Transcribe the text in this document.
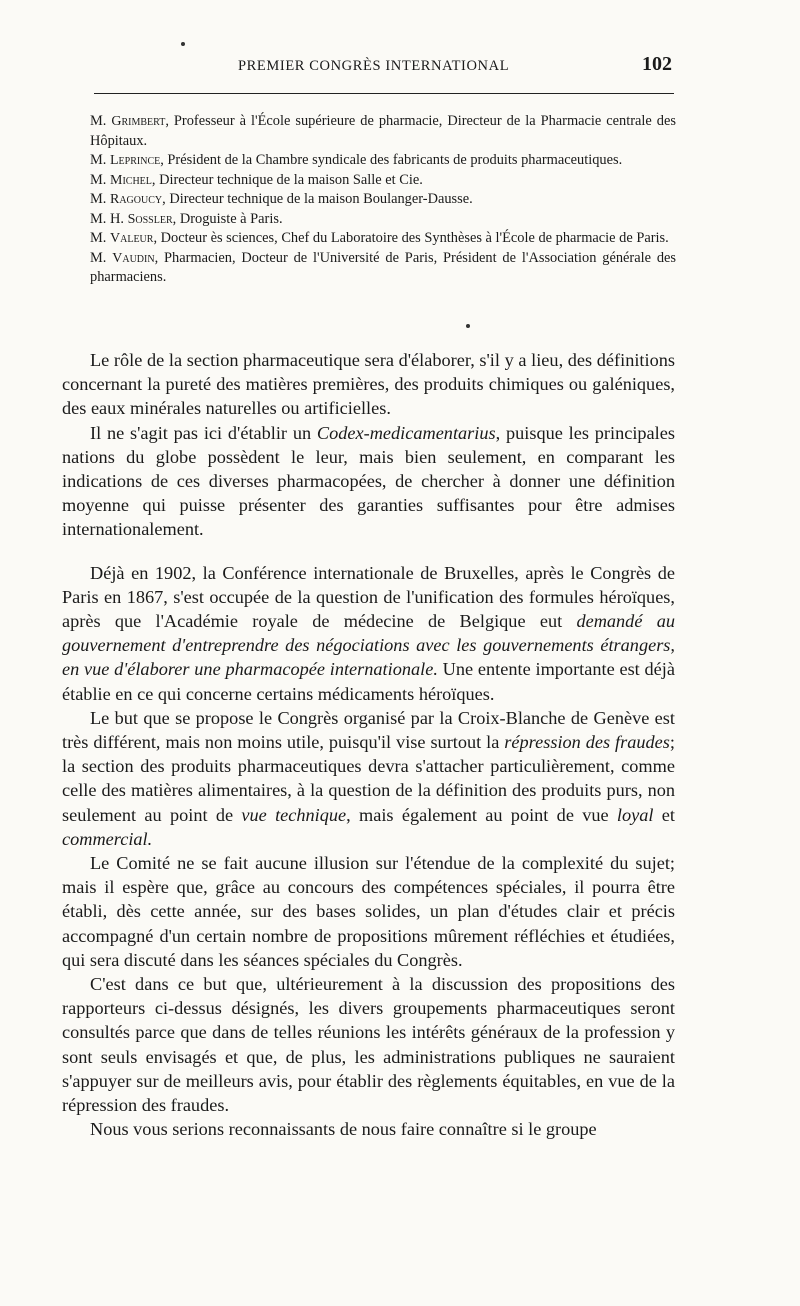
PREMIER CONGRÈS INTERNATIONAL	102

M. Grimbert, Professeur à l'École supérieure de pharmacie, Directeur de la Pharmacie centrale des Hôpitaux.

M. Leprince, Président de la Chambre syndicale des fabricants de produits pharmaceutiques.

M. Michel, Directeur technique de la maison Salle et Cie.

M. Ragoucy, Directeur technique de la maison Boulanger-Dausse.

M. H. Sossler, Droguiste à Paris.

M. Valeur, Docteur ès sciences, Chef du Laboratoire des Synthèses à l'École de pharmacie de Paris.

M. Vaudin, Pharmacien, Docteur de l'Université de Paris, Président de l'Association générale des pharmaciens.

Le rôle de la section pharmaceutique sera d'élaborer, s'il y a lieu, des définitions concernant la pureté des matières premières, des produits chimiques ou galéniques, des eaux minérales naturelles ou artificielles.

Il ne s'agit pas ici d'établir un Codex-medicamentarius, puisque les principales nations du globe possèdent le leur, mais bien seulement, en comparant les indications de ces diverses pharmacopées, de chercher à donner une définition moyenne qui puisse présenter des garanties suffisantes pour être admises internationalement.

Déjà en 1902, la Conférence internationale de Bruxelles, après le Congrès de Paris en 1867, s'est occupée de la question de l'unification des formules héroïques, après que l'Académie royale de médecine de Belgique eut demandé au gouvernement d'entreprendre des négociations avec les gouvernements étrangers, en vue d'élaborer une pharmacopée internationale. Une entente importante est déjà établie en ce qui concerne certains médicaments héroïques.

Le but que se propose le Congrès organisé par la Croix-Blanche de Genève est très différent, mais non moins utile, puisqu'il vise surtout la répression des fraudes; la section des produits pharmaceutiques devra s'attacher particulièrement, comme celle des matières alimentaires, à la question de la définition des produits purs, non seulement au point de vue technique, mais également au point de vue loyal et commercial.

Le Comité ne se fait aucune illusion sur l'étendue de la complexité du sujet; mais il espère que, grâce au concours des compétences spéciales, il pourra être établi, dès cette année, sur des bases solides, un plan d'études clair et précis accompagné d'un certain nombre de propositions mûrement réfléchies et étudiées, qui sera discuté dans les séances spéciales du Congrès.

C'est dans ce but que, ultérieurement à la discussion des propositions des rapporteurs ci-dessus désignés, les divers groupements pharmaceutiques seront consultés parce que dans de telles réunions les intérêts généraux de la profession y sont seuls envisagés et que, de plus, les administrations publiques ne sauraient s'appuyer sur de meilleurs avis, pour établir des règlements équitables, en vue de la répression des fraudes.

Nous vous serions reconnaissants de nous faire connaître si le groupe
